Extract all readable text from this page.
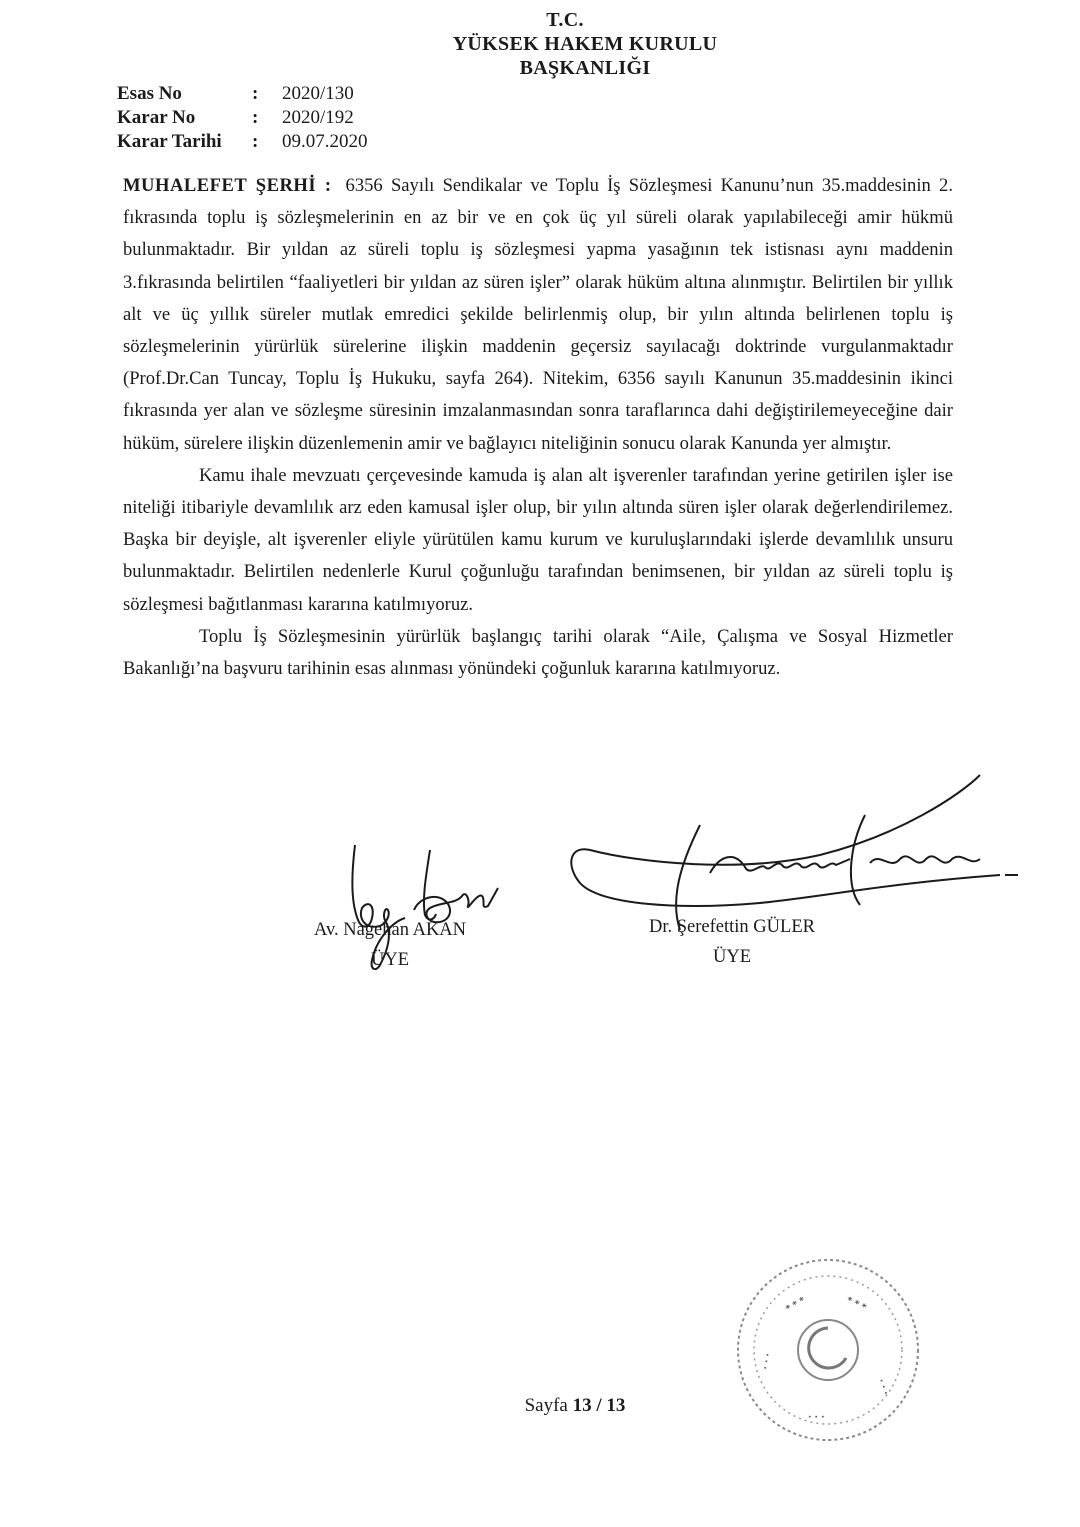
T.C.
YÜKSEK HAKEM KURULU
BAŞKANLIĞI
Esas No	:	2020/130
Karar No	:	2020/192
Karar Tarihi	:	09.07.2020

MUHALEFET ŞERHİ : 6356 Sayılı Sendikalar ve Toplu İş Sözleşmesi Kanunu’nun 35.maddesinin 2. fıkrasında toplu iş sözleşmelerinin en az bir ve en çok üç yıl süreli olarak yapılabileceği amir hükmü bulunmaktadır. Bir yıldan az süreli toplu iş sözleşmesi yapma yasağının tek istisnası aynı maddenin 3.fıkrasında belirtilen “faaliyetleri bir yıldan az süren işler” olarak hüküm altına alınmıştır. Belirtilen bir yıllık alt ve üç yıllık süreler mutlak emredici şekilde belirlenmiş olup, bir yılın altında belirlenen toplu iş sözleşmelerinin yürürlük sürelerine ilişkin maddenin geçersiz sayılacağı doktrinde vurgulanmaktadır (Prof.Dr.Can Tuncay, Toplu İş Hukuku, sayfa 264). Nitekim, 6356 sayılı Kanunun 35.maddesinin ikinci fıkrasında yer alan ve sözleşme süresinin imzalanmasından sonra taraflarınca dahi değiştirilemeyeceğine dair hüküm, sürelere ilişkin düzenlemenin amir ve bağlayıcı niteliğinin sonucu olarak Kanunda yer almıştır.

Kamu ihale mevzuatı çerçevesinde kamuda iş alan alt işverenler tarafından yerine getirilen işler ise niteliği itibariyle devamlılık arz eden kamusal işler olup, bir yılın altında süren işler olarak değerlendirilemez. Başka bir deyişle, alt işverenler eliyle yürütülen kamu kurum ve kuruluşlarındaki işlerde devamlılık unsuru bulunmaktadır. Belirtilen nedenlerle Kurul çoğunluğu tarafından benimsenen, bir yıldan az süreli toplu iş sözleşmesi bağıtlanması kararına katılmıyoruz.

Toplu İş Sözleşmesinin yürürlük başlangıç tarihi olarak “Aile, Çalışma ve Sosyal Hizmetler Bakanlığı’na başvuru tarihinin esas alınması yönündeki çoğunluk kararına katılmıyoruz.

Av. Nagehan AKAN
ÜYE
Dr. Şerefettin GÜLER
ÜYE
* * *	* * *
· · ·
· · ·
· · ·
Sayfa 13 / 13
